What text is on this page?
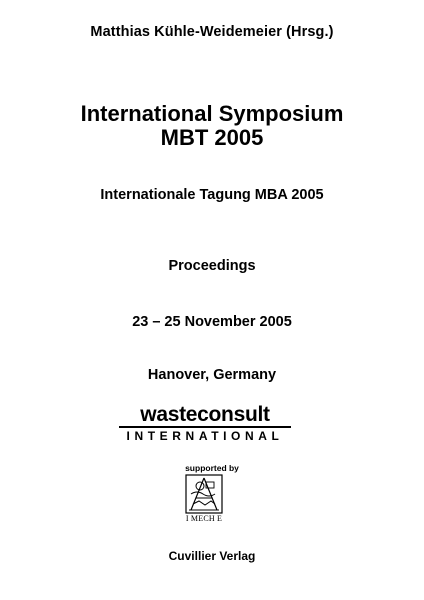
Matthias Kühle-Weidemeier (Hrsg.)
International Symposium
MBT 2005
Internationale Tagung MBA 2005
Proceedings
23 – 25 November 2005
Hanover, Germany
wasteconsult
INTERNATIONAL
supported by
I MECH E
Cuvillier Verlag
